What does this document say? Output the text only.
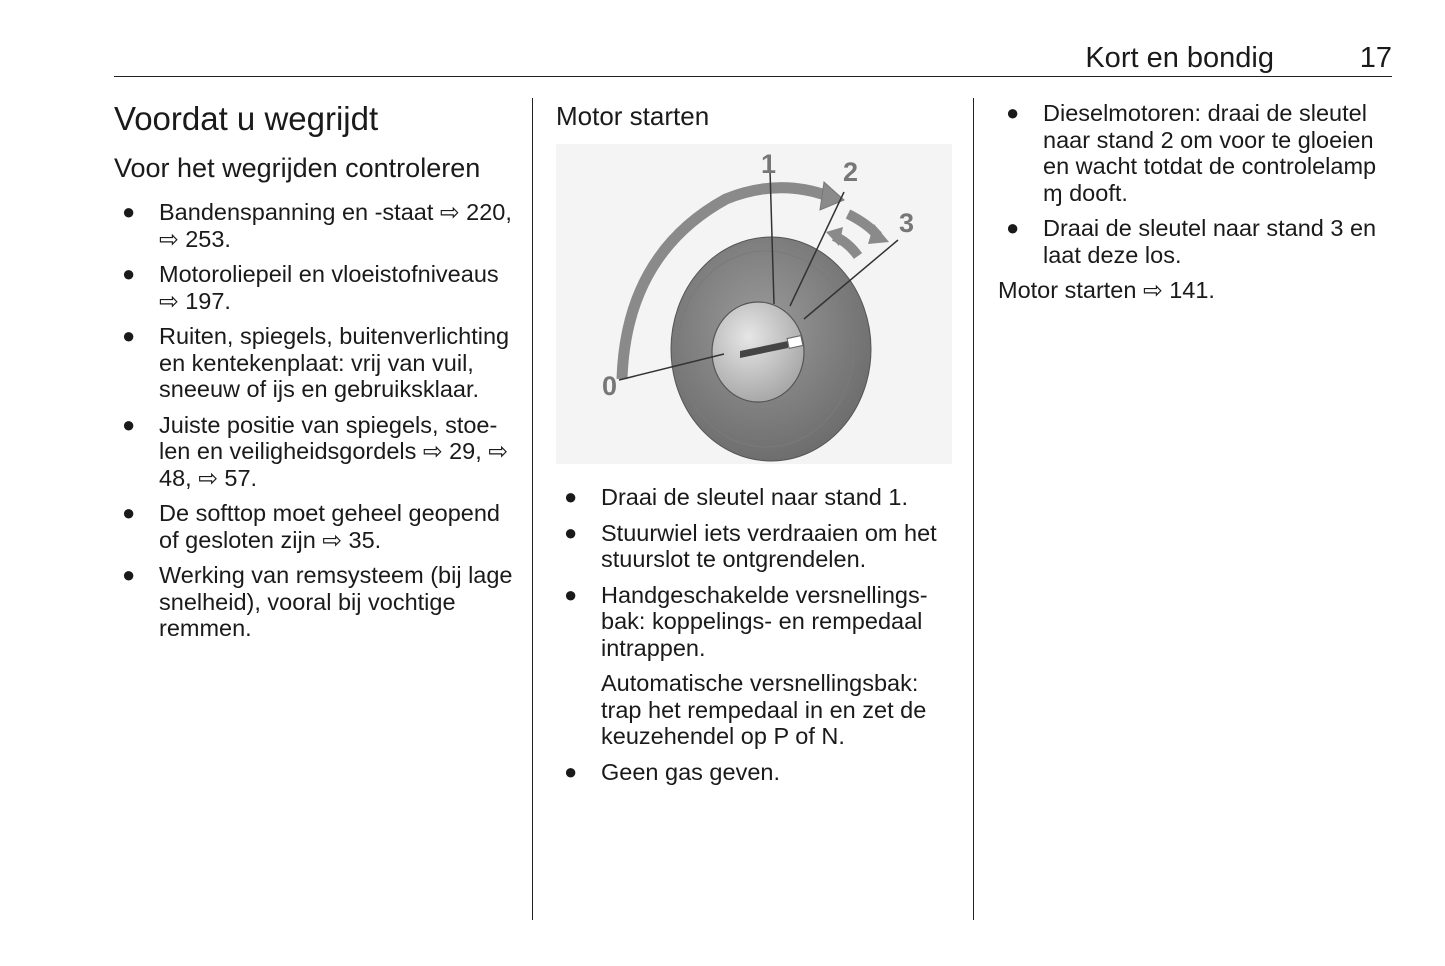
Kort en bondig	17
Voordat u wegrijdt
Voor het wegrijden controleren
● Bandenspanning en -staat ⇨ 220, ⇨ 253.
● Motoroliepeil en vloeistofniveaus ⇨ 197.
● Ruiten, spiegels, buitenverlichting en kentekenplaat: vrij van vuil, sneeuw of ijs en gebruiksklaar.
● Juiste positie van spiegels, stoelen en veiligheidsgordels ⇨ 29, ⇨ 48, ⇨ 57.
● De softtop moet geheel geopend of gesloten zijn ⇨ 35.
● Werking van remsysteem (bij lage snelheid), vooral bij vochtige remmen.
Motor starten
0
1 2
3
● Draai de sleutel naar stand 1.
● Stuurwiel iets verdraaien om het stuurslot te ontgrendelen.
● Handgeschakelde versnellingsbak: koppelings- en rempedaal intrappen.
Automatische versnellingsbak: trap het rempedaal in en zet de keuzehendel op P of N.
● Geen gas geven.
● Dieselmotoren: draai de sleutel naar stand 2 om voor te gloeien en wacht totdat de controlelamp ɱ dooft.
● Draai de sleutel naar stand 3 en laat deze los.
Motor starten ⇨ 141.
